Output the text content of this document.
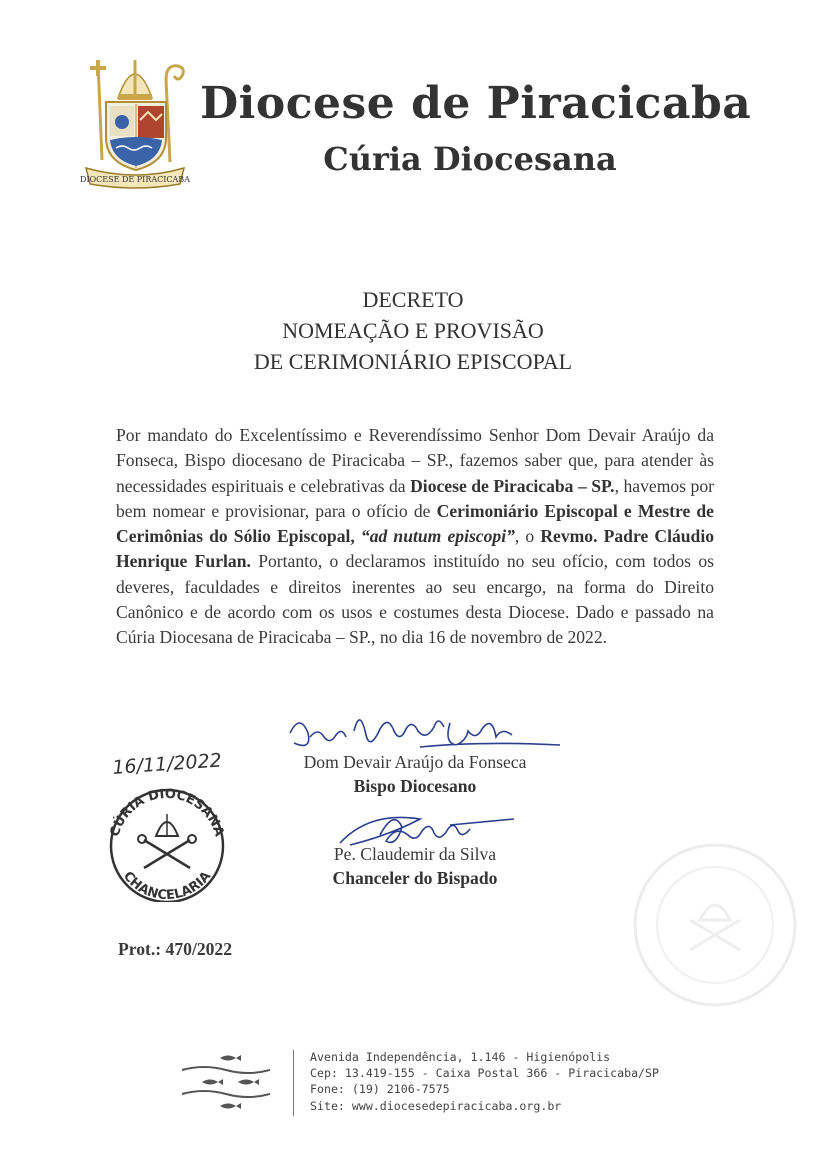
DIOCESE DE PIRACICABA
Diocese de Piracicaba
Cúria Diocesana
DECRETO
NOMEAÇÃO E PROVISÃO
DE CERIMONIÁRIO EPISCOPAL
Por mandato do Excelentíssimo e Reverendíssimo Senhor Dom Devair Araújo da Fonseca, Bispo diocesano de Piracicaba – SP., fazemos saber que, para atender às necessidades espirituais e celebrativas da Diocese de Piracicaba – SP., havemos por bem nomear e provisionar, para o ofício de Cerimoniário Episcopal e Mestre de Cerimônias do Sólio Episcopal, “ad nutum episcopi”, o Revmo. Padre Cláudio Henrique Furlan. Portanto, o declaramos instituído no seu ofício, com todos os deveres, faculdades e direitos inerentes ao seu encargo, na forma do Direito Canônico e de acordo com os usos e costumes desta Diocese. Dado e passado na Cúria Diocesana de Piracicaba – SP., no dia 16 de novembro de 2022.
16/11/2022	Dom Devair Araújo da Fonseca
Bispo Diocesano
Pe. Claudemir da Silva
Chanceler do Bispado
CÚRIA DIOCESANA
CHANCELARIA
Prot.: 470/2022
Avenida Independência, 1.146 - Higienópolis
Cep: 13.419-155 - Caixa Postal 366 - Piracicaba/SP
Fone: (19) 2106-7575
Site: www.diocesedepiracicaba.org.br
